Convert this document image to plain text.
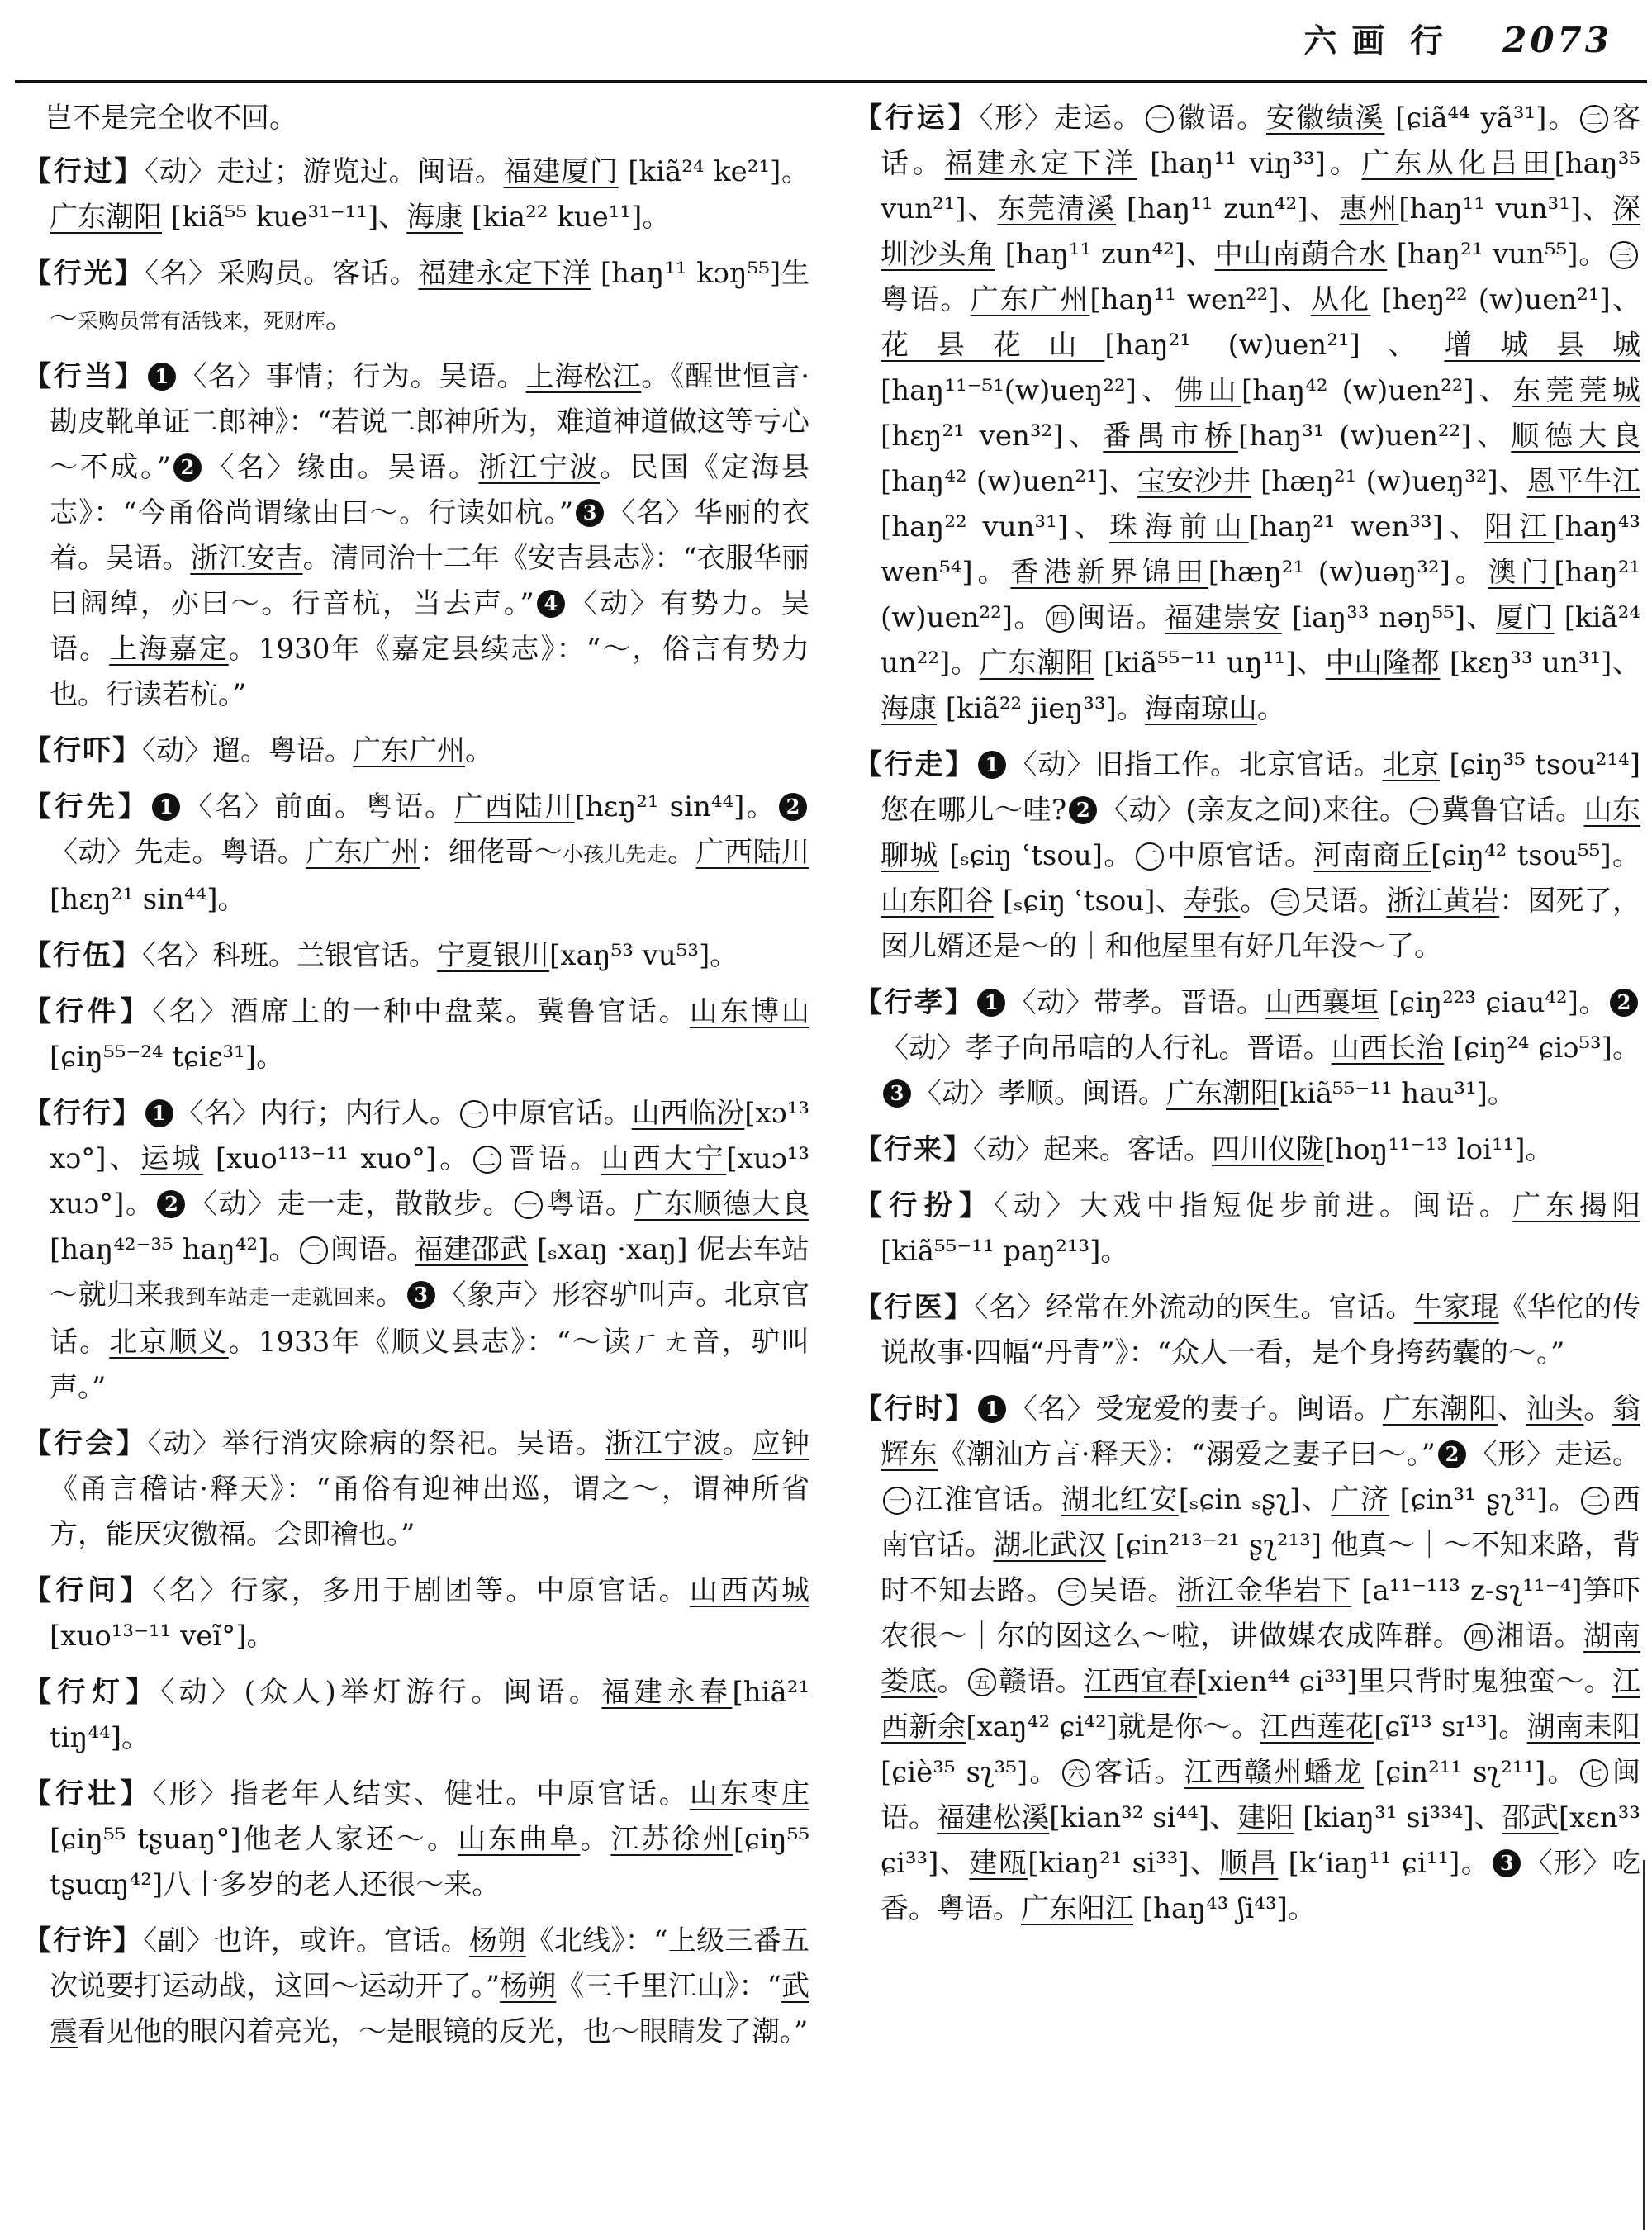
六画 行 2073

岂不是完全收不回。

【行过】〈动〉走过；游览过。闽语。福建厦门 [kiã²⁴ ke²¹]。广东潮阳 [kiã⁵⁵ kue³¹⁻¹¹]、海康 [kia²² kue¹¹]。

【行光】〈名〉采购员。客话。福建永定下洋 [haŋ¹¹ kɔŋ⁵⁵]生～采购员常有活钱来，死财库。

【行当】 1 〈名〉事情；行为。吴语。上海松江。《醒世恒言·勘皮靴单证二郎神》：“若说二郎神所为，难道神道做这等亏心～不成。” 2 〈名〉缘由。吴语。浙江宁波。民国《定海县志》：“今甬俗尚谓缘由曰～。行读如杭。” 3 〈名〉华丽的衣着。吴语。浙江安吉。清同治十二年《安吉县志》：“衣服华丽曰阔绰，亦曰～。行音杭，当去声。” 4 〈动〉有势力。吴语。上海嘉定。1930年《嘉定县续志》：“～，俗言有势力也。行读若杭。”

【行吓】〈动〉遛。粤语。广东广州。

【行先】 1 〈名〉前面。粤语。广西陆川[hɛŋ²¹ sin⁴⁴]。 2〈动〉先走。粤语。广东广州：细佬哥～小孩儿先走。广西陆川[hɛŋ²¹ sin⁴⁴]。

【行伍】〈名〉科班。兰银官话。宁夏银川[xaŋ⁵³ vu⁵³]。

【行件】〈名〉酒席上的一种中盘菜。冀鲁官话。山东博山[ɕiŋ⁵⁵⁻²⁴ tɕiɛ³¹]。

【行行】 1 〈名〉内行；内行人。 一 中原官话。山西临汾[xɔ¹³ xɔ°]、运城 [xuo¹¹³⁻¹¹ xuo°]。 二 晋语。山西大宁[xuɔ¹³ xuɔ°]。 2 〈动〉走一走，散散步。 一 粤语。广东顺德大良 [haŋ⁴²⁻³⁵ haŋ⁴²]。 二 闽语。福建邵武 [ₛxaŋ ·xaŋ] 伲去车站～就归来我到车站走一走就回来。 3 〈象声〉形容驴叫声。北京官话。北京顺义。1933年《顺义县志》：“～读ㄏㄤ音，驴叫声。”

【行会】〈动〉举行消灾除病的祭祀。吴语。浙江宁波。应钟《甬言稽诂·释天》：“甬俗有迎神出巡，谓之～，谓神所省方，能厌灾徼福。会即禬也。”

【行问】〈名〉行家，多用于剧团等。中原官话。山西芮城[xuo¹³⁻¹¹ veĩ°]。

【行灯】〈动〉(众人)举灯游行。闽语。福建永春[hiã²¹ tiŋ⁴⁴]。

【行壮】〈形〉指老年人结实、健壮。中原官话。山东枣庄[ɕiŋ⁵⁵ tʂuaŋ°]他老人家还～。山东曲阜。江苏徐州[ɕiŋ⁵⁵ tʂuɑŋ⁴²]八十多岁的老人还很～来。

【行许】〈副〉也许，或许。官话。杨朔《北线》：“上级三番五次说要打运动战，这回～运动开了。”杨朔《三千里江山》：“武震看见他的眼闪着亮光，～是眼镜的反光，也～眼睛发了潮。”

【行运】〈形〉走运。 一 徽语。安徽绩溪 [ɕiã⁴⁴ yã³¹]。 二 客话。福建永定下洋 [haŋ¹¹ viŋ³³]。广东从化吕田[haŋ³⁵ vun²¹]、东莞清溪 [haŋ¹¹ zun⁴²]、惠州[haŋ¹¹ vun³¹]、深圳沙头角 [haŋ¹¹ zun⁴²]、中山南蓢合水 [haŋ²¹ vun⁵⁵]。 三粤语。广东广州[haŋ¹¹ wen²²]、从化 [heŋ²² (w)uen²¹]、花县花山[haŋ²¹ (w)uen²¹]、增城县城[haŋ¹¹⁻⁵¹(w)ueŋ²²]、佛山[haŋ⁴² (w)uen²²]、东莞莞城[hɛŋ²¹ ven³²]、番禺市桥[haŋ³¹ (w)uen²²]、顺德大良 [haŋ⁴² (w)uen²¹]、宝安沙井 [hæŋ²¹ (w)ueŋ³²]、恩平牛江[haŋ²² vun³¹]、珠海前山[haŋ²¹ wen³³]、阳江[haŋ⁴³ wen⁵⁴]。香港新界锦田[hæŋ²¹ (w)uəŋ³²]。澳门[haŋ²¹ (w)uen²²]。 四 闽语。福建崇安 [iaŋ³³ nəŋ⁵⁵]、厦门 [kiã²⁴ un²²]。广东潮阳 [kiã⁵⁵⁻¹¹ uŋ¹¹]、中山隆都 [kɛŋ³³ un³¹]、海康 [kiã²² jieŋ³³]。海南琼山。

【行走】 1 〈动〉旧指工作。北京官话。北京 [ɕiŋ³⁵ tsou²¹⁴]您在哪儿～哇? 2 〈动〉(亲友之间)来往。 一 冀鲁官话。山东聊城 [ₛɕiŋ ʿtsou]。 二 中原官话。河南商丘[ɕiŋ⁴² tsou⁵⁵]。山东阳谷 [ₛɕiŋ ʿtsou]、寿张。 三 吴语。浙江黄岩：囡死了，囡儿婿还是～的｜和他屋里有好几年没～了。

【行孝】 1 〈动〉带孝。晋语。山西襄垣 [ɕiŋ²²³ ɕiau⁴²]。 2〈动〉孝子向吊唁的人行礼。晋语。山西长治 [ɕiŋ²⁴ ɕiɔ⁵³]。3 〈动〉孝顺。闽语。广东潮阳[kiã⁵⁵⁻¹¹ hau³¹]。

【行来】〈动〉起来。客话。四川仪陇[hoŋ¹¹⁻¹³ loi¹¹]。

【行扮】〈动〉大戏中指短促步前进。闽语。广东揭阳 [kiã⁵⁵⁻¹¹ paŋ²¹³]。

【行医】〈名〉经常在外流动的医生。官话。牛家琨《华佗的传说故事·四幅“丹青”》：“众人一看，是个身挎药囊的～。”

【行时】 1 〈名〉受宠爱的妻子。闽语。广东潮阳、汕头。翁辉东《潮汕方言·释天》：“溺爱之妻子曰～。” 2 〈形〉走运。一 江淮官话。湖北红安[ₛɕin ₛʂʅ]、广济 [ɕin³¹ ʂʅ³¹]。 二 西南官话。湖北武汉 [ɕin²¹³⁻²¹ ʂʅ²¹³] 他真～｜～不知来路，背时不知去路。 三 吴语。浙江金华岩下 [a¹¹⁻¹¹³ z-sʅ¹¹⁻⁴]笋吓农很～｜尔的囡这么～啦，讲做媒农成阵群。 四 湘语。湖南娄底。 五 赣语。江西宜春[xien⁴⁴ ɕi³³]里只背时鬼独蛮～。江西新余[xaŋ⁴² ɕi⁴²]就是你～。江西莲花[ɕĩ¹³ sɪ¹³]。湖南耒阳 [ɕiè³⁵ sʅ³⁵]。 六 客话。江西赣州蟠龙 [ɕin²¹¹ sʅ²¹¹]。 七 闽语。福建松溪[kian³² si⁴⁴]、建阳 [kiaŋ³¹ si³³⁴]、邵武[xɛn³³ ɕi³³]、建瓯[kiaŋ²¹ si³³]、顺昌 [kʻiaŋ¹¹ ɕi¹¹]。 3 〈形〉吃香。粤语。广东阳江 [haŋ⁴³ ʃi⁴³]。
